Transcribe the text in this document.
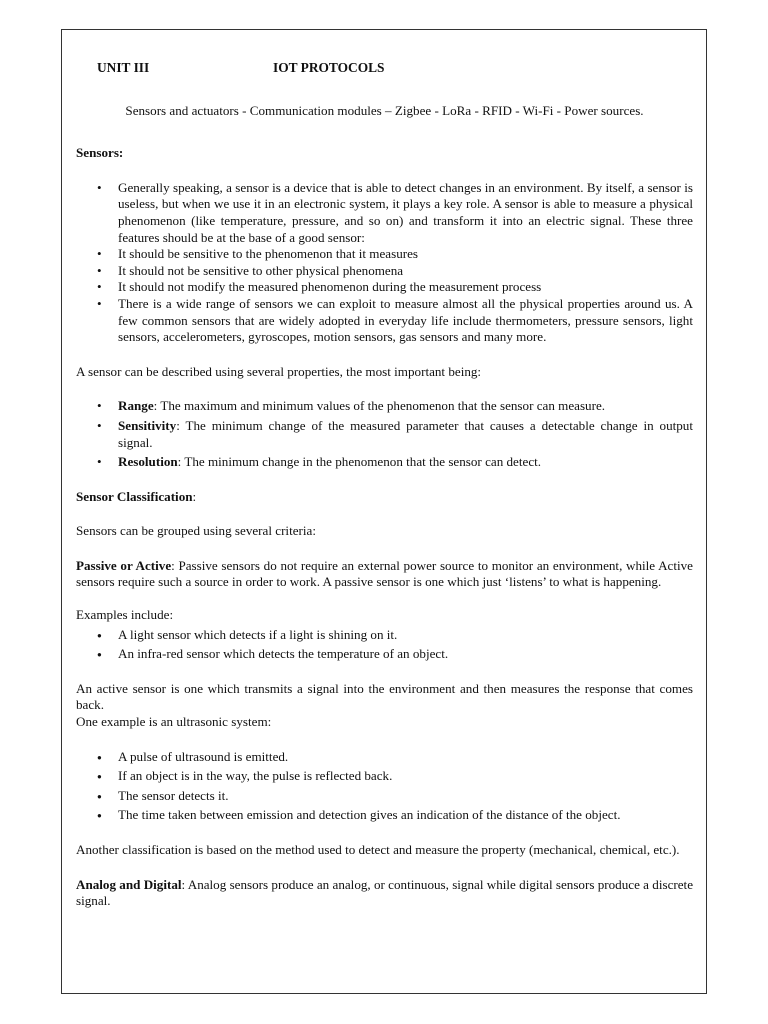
UNIT III	IOT PROTOCOLS

Sensors and actuators - Communication modules – Zigbee - LoRa - RFID - Wi-Fi - Power sources.

Sensors:

• Generally speaking, a sensor is a device that is able to detect changes in an environment. By itself, a sensor is useless, but when we use it in an electronic system, it plays a key role. A sensor is able to measure a physical phenomenon (like temperature, pressure, and so on) and transform it into an electric signal. These three features should be at the base of a good sensor:
• It should be sensitive to the phenomenon that it measures
• It should not be sensitive to other physical phenomena
• It should not modify the measured phenomenon during the measurement process
• There is a wide range of sensors we can exploit to measure almost all the physical properties around us. A few common sensors that are widely adopted in everyday life include thermometers, pressure sensors, light sensors, accelerometers, gyroscopes, motion sensors, gas sensors and many more.

A sensor can be described using several properties, the most important being:

• Range: The maximum and minimum values of the phenomenon that the sensor can measure.
• Sensitivity: The minimum change of the measured parameter that causes a detectable change in output signal.
• Resolution: The minimum change in the phenomenon that the sensor can detect.

Sensor Classification:

Sensors can be grouped using several criteria:

Passive or Active: Passive sensors do not require an external power source to monitor an environment, while Active sensors require such a source in order to work. A passive sensor is one which just ‘listens’ to what is happening.

Examples include:

● A light sensor which detects if a light is shining on it.
● An infra-red sensor which detects the temperature of an object.

An active sensor is one which transmits a signal into the environment and then measures the response that comes back.

One example is an ultrasonic system:

● A pulse of ultrasound is emitted.
● If an object is in the way, the pulse is reflected back.
● The sensor detects it.
● The time taken between emission and detection gives an indication of the distance of the object.

Another classification is based on the method used to detect and measure the property (mechanical, chemical, etc.).

Analog and Digital: Analog sensors produce an analog, or continuous, signal while digital sensors produce a discrete signal.
